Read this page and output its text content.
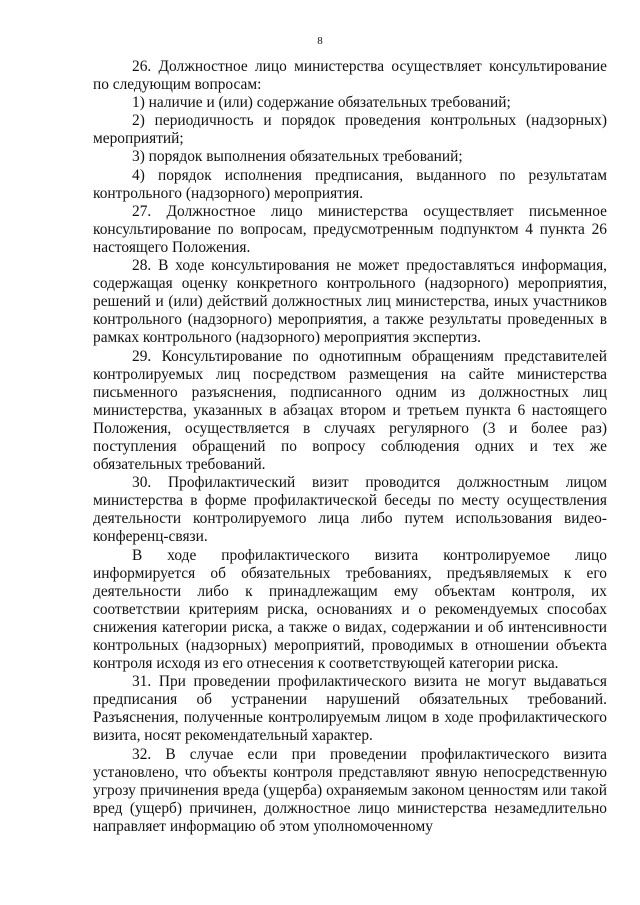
8

26. Должностное лицо министерства осуществляет консультирование по следующим вопросам:

1) наличие и (или) содержание обязательных требований;

2) периодичность и порядок проведения контрольных (надзорных) мероприятий;

3) порядок выполнения обязательных требований;

4) порядок исполнения предписания, выданного по результатам контрольного (надзорного) мероприятия.

27. Должностное лицо министерства осуществляет письменное консультирование по вопросам, предусмотренным подпунктом 4 пункта 26 настоящего Положения.

28. В ходе консультирования не может предоставляться информация, содержащая оценку конкретного контрольного (надзорного) мероприятия, решений и (или) действий должностных лиц министерства, иных участников контрольного (надзорного) мероприятия, а также результаты проведенных в рамках контрольного (надзорного) мероприятия экспертиз.

29. Консультирование по однотипным обращениям представителей контролируемых лиц посредством размещения на сайте министерства письменного разъяснения, подписанного одним из должностных лиц министерства, указанных в абзацах втором и третьем пункта 6 настоящего Положения, осуществляется в случаях регулярного (3 и более раз) поступления обращений по вопросу соблюдения одних и тех же обязательных требований.

30. Профилактический визит проводится должностным лицом министерства в форме профилактической беседы по месту осуществления деятельности контролируемого лица либо путем использования видео-конференц-связи.

В ходе профилактического визита контролируемое лицо информируется об обязательных требованиях, предъявляемых к его деятельности либо к принадлежащим ему объектам контроля, их соответствии критериям риска, основаниях и о рекомендуемых способах снижения категории риска, а также о видах, содержании и об интенсивности контрольных (надзорных) мероприятий, проводимых в отношении объекта контроля исходя из его отнесения к соответствующей категории риска.

31. При проведении профилактического визита не могут выдаваться предписания об устранении нарушений обязательных требований. Разъяснения, полученные контролируемым лицом в ходе профилактического визита, носят рекомендательный характер.

32. В случае если при проведении профилактического визита установлено, что объекты контроля представляют явную непосредственную угрозу причинения вреда (ущерба) охраняемым законом ценностям или такой вред (ущерб) причинен, должностное лицо министерства незамедлительно направляет информацию об этом уполномоченному
